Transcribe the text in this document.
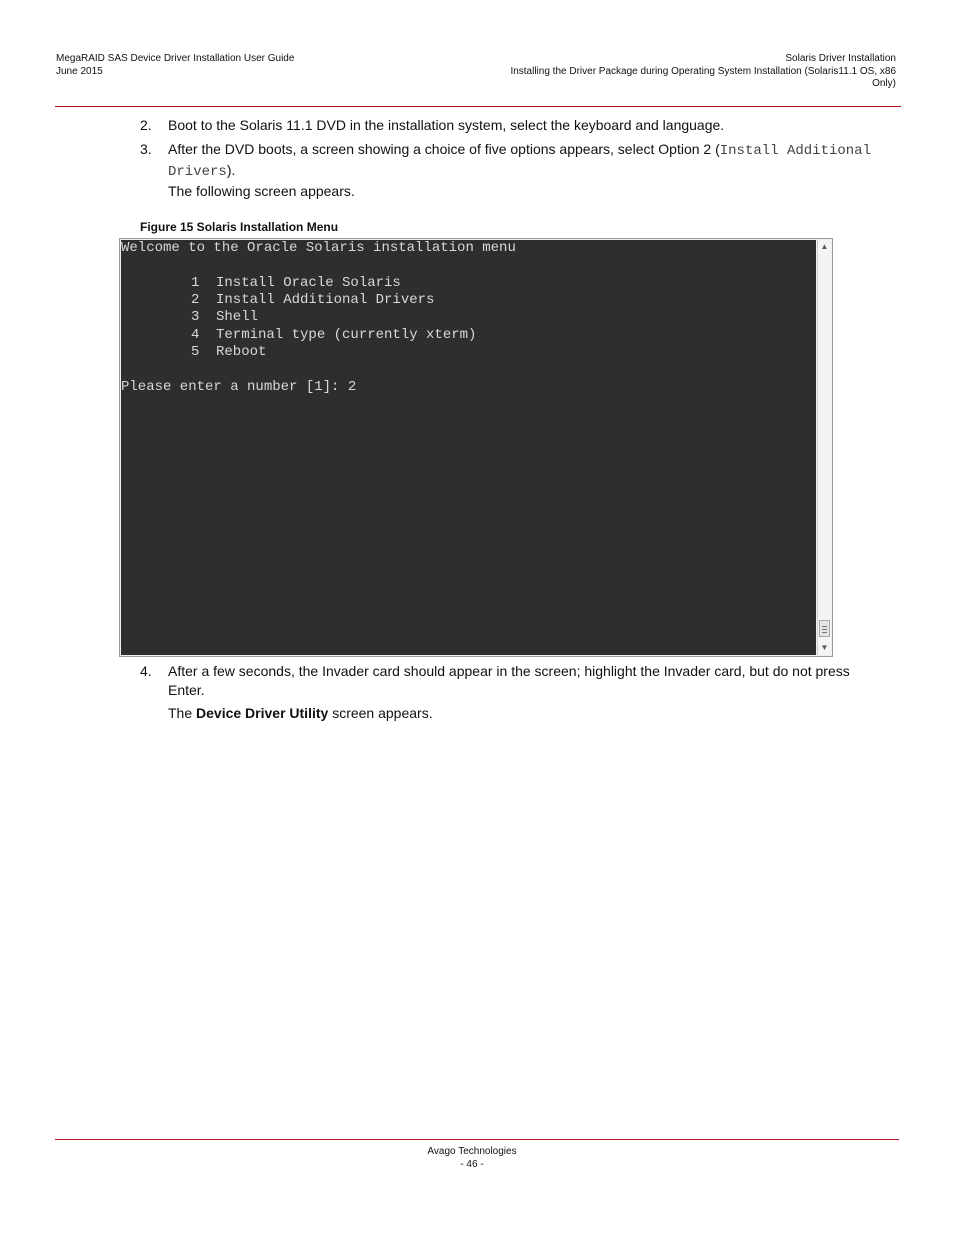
MegaRAID SAS Device Driver Installation User Guide
June 2015
Solaris Driver Installation
Installing the Driver Package during Operating System Installation (Solaris11.1 OS, x86
Only)
2. Boot to the Solaris 11.1 DVD in the installation system, select the keyboard and language.
3. After the DVD boots, a screen showing a choice of five options appears, select Option 2 (Install Additional
Drivers).
The following screen appears.
Figure 15 Solaris Installation Menu
Welcome to the Oracle Solaris installation menu
1 Install Oracle Solaris
2 Install Additional Drivers
3 Shell
4 Terminal type (currently xterm)
5 Reboot
Please enter a number [1]: 2
▲
▼
4. After a few seconds, the Invader card should appear in the screen; highlight the Invader card, but do not press
Enter.
The Device Driver Utility screen appears.
Avago Technologies
- 46 -
